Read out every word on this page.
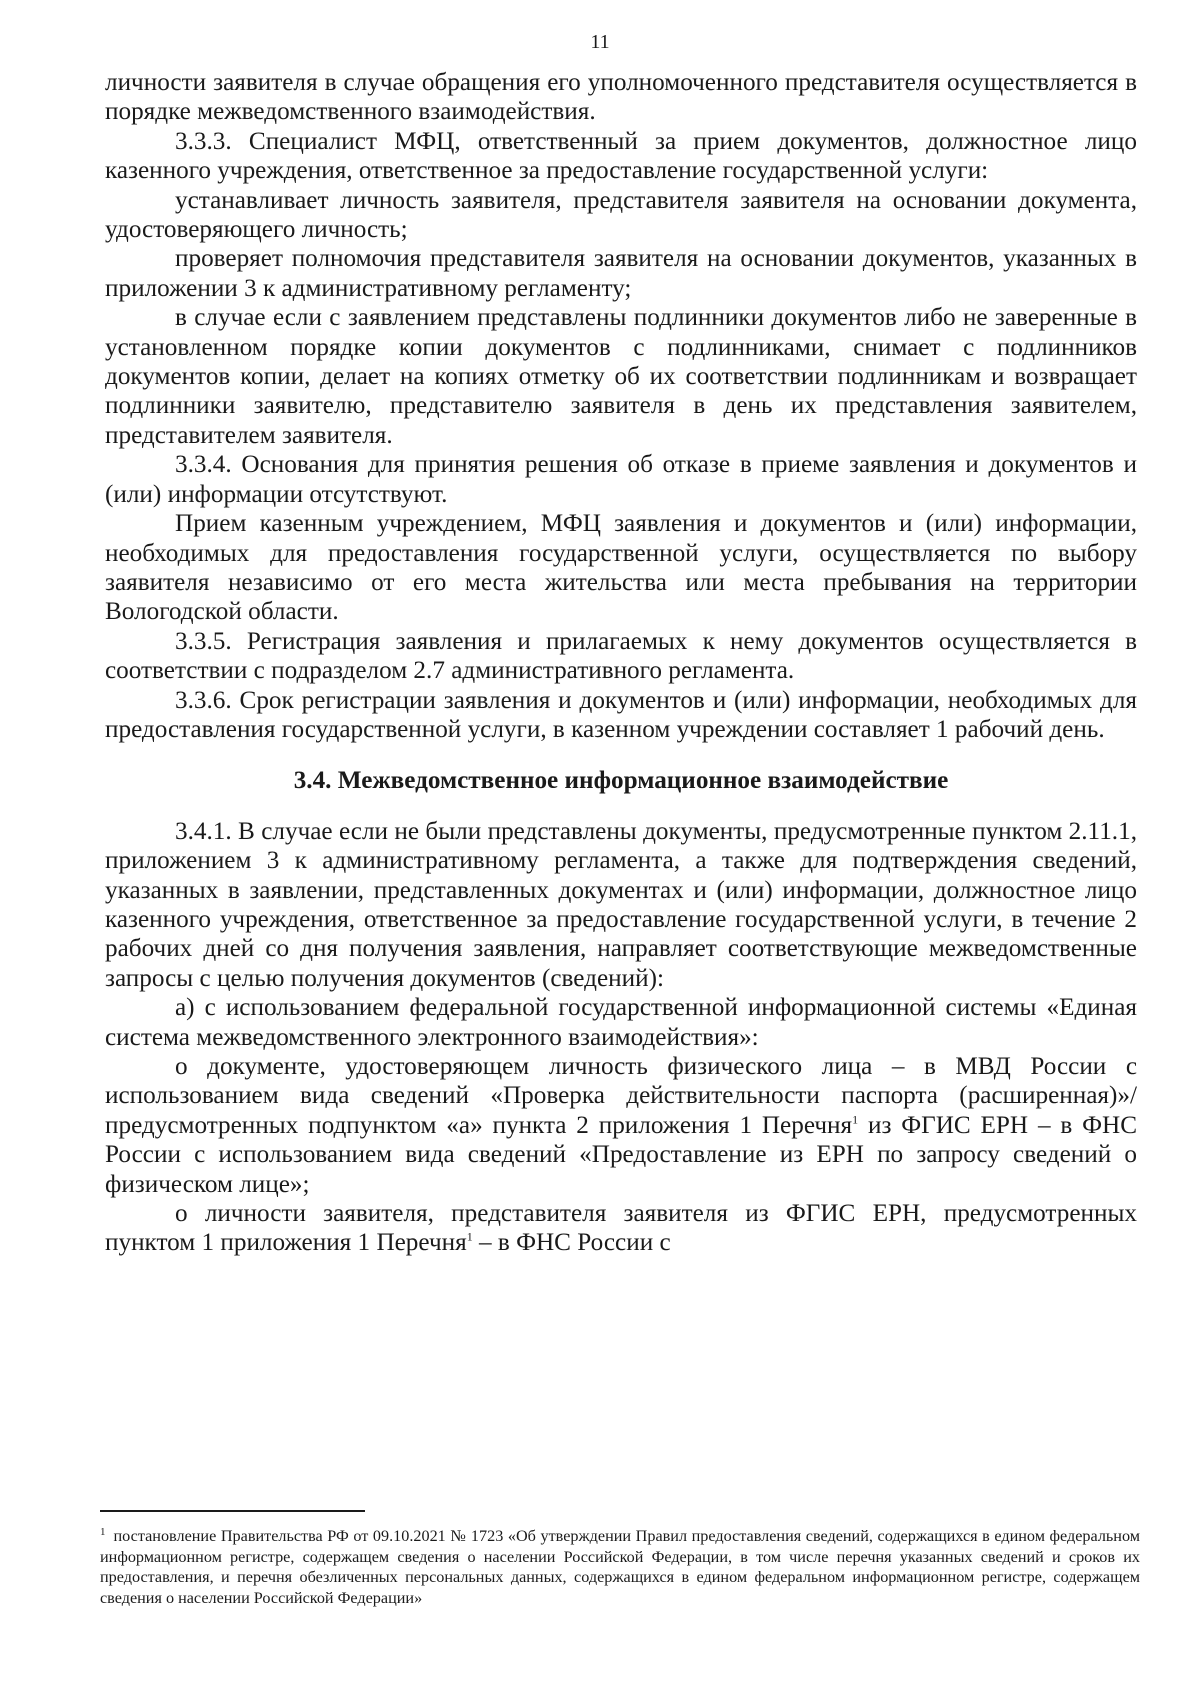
11

личности заявителя в случае обращения его уполномоченного представителя осуществляется в порядке межведомственного взаимодействия.

3.3.3. Специалист МФЦ, ответственный за прием документов, должностное лицо казенного учреждения, ответственное за предоставление государственной услуги:

устанавливает личность заявителя, представителя заявителя на основании документа, удостоверяющего личность;

проверяет полномочия представителя заявителя на основании документов, указанных в приложении 3 к административному регламенту;

в случае если с заявлением представлены подлинники документов либо не заверенные в установленном порядке копии документов с подлинниками, снимает с подлинников документов копии, делает на копиях отметку об их соответствии подлинникам и возвращает подлинники заявителю, представителю заявителя в день их представления заявителем, представителем заявителя.

3.3.4. Основания для принятия решения об отказе в приеме заявления и документов и (или) информации отсутствуют.

Прием казенным учреждением, МФЦ заявления и документов и (или) информации, необходимых для предоставления государственной услуги, осуществляется по выбору заявителя независимо от его места жительства или места пребывания на территории Вологодской области.

3.3.5. Регистрация заявления и прилагаемых к нему документов осуществляется в соответствии с подразделом 2.7 административного регламента.

3.3.6. Срок регистрации заявления и документов и (или) информации, необходимых для предоставления государственной услуги, в казенном учреждении составляет 1 рабочий день.

3.4. Межведомственное информационное взаимодействие

3.4.1. В случае если не были представлены документы, предусмотренные пунктом 2.11.1, приложением 3 к административному регламента, а также для подтверждения сведений, указанных в заявлении, представленных документах и (или) информации, должностное лицо казенного учреждения, ответственное за предоставление государственной услуги, в течение 2 рабочих дней со дня получения заявления, направляет соответствующие межведомственные запросы с целью получения документов (сведений):

а) с использованием федеральной государственной информационной системы «Единая система межведомственного электронного взаимодействия»:

о документе, удостоверяющем личность физического лица – в МВД России с использованием вида сведений «Проверка действительности паспорта (расширенная)»/предусмотренных подпунктом «а» пункта 2 приложения 1 Перечня$^1$ из ФГИС ЕРН – в ФНС России с использованием вида сведений «Предоставление из ЕРН по запросу сведений о физическом лице»;

о личности заявителя, представителя заявителя из ФГИС ЕРН, предусмотренных пунктом 1 приложения 1 Перечня$^1$ – в ФНС России с

$^1$ постановление Правительства РФ от 09.10.2021 № 1723 «Об утверждении Правил предоставления сведений, содержащихся в едином федеральном информационном регистре, содержащем сведения о населении Российской Федерации, в том числе перечня указанных сведений и сроков их предоставления, и перечня обезличенных персональных данных, содержащихся в едином федеральном информационном регистре, содержащем сведения о населении Российской Федерации»
